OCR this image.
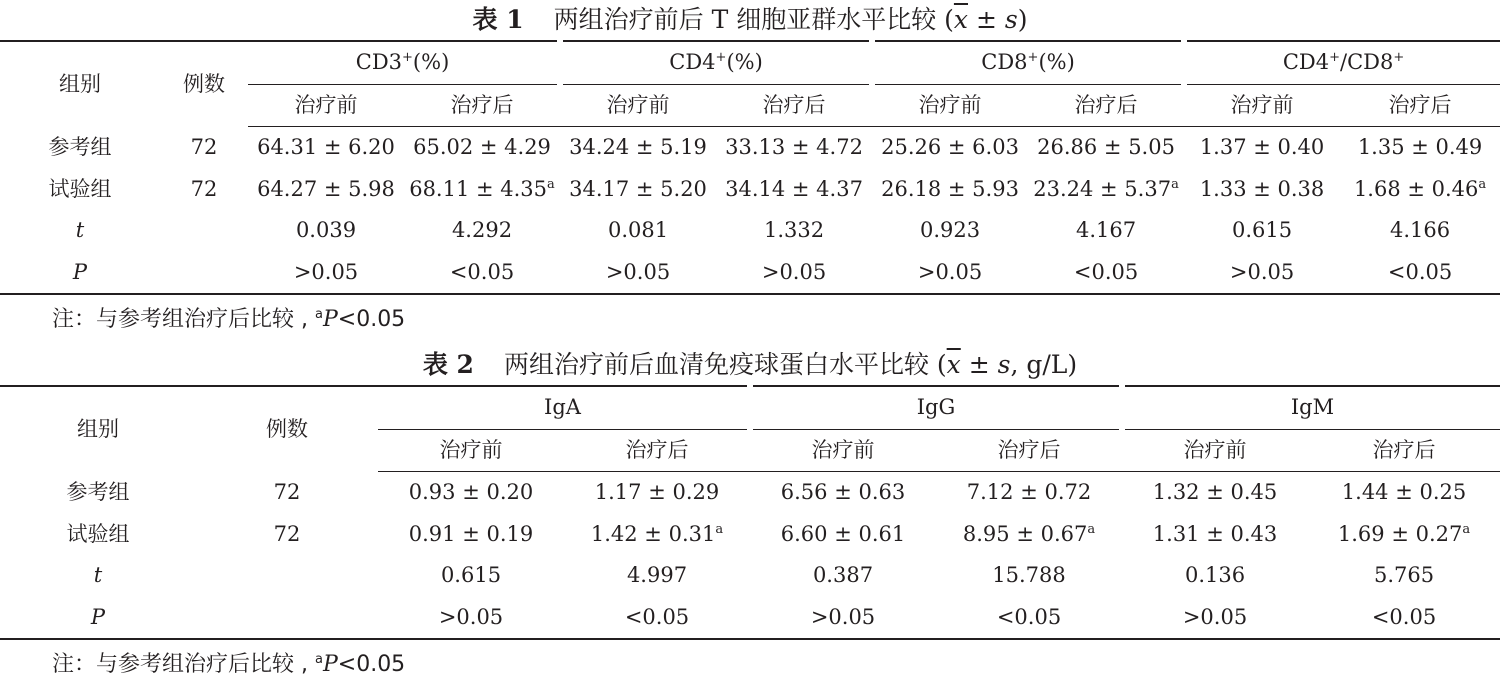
表 1 两组治疗前后 T 细胞亚群水平比较 $(\overline{x} \pm s)$
组别	例数	CD3+(%)		CD4+(%)		CD8+(%)		CD4+/CD8+
		治疗前	治疗后	治疗前	治疗后	治疗前	治疗后	治疗前	治疗后
参考组	72	64.31 ± 6.20	65.02 ± 4.29	34.24 ± 5.19	33.13 ± 4.72	25.26 ± 6.03	26.86 ± 5.05	1.37 ± 0.40	1.35 ± 0.49
试验组	72	64.27 ± 5.98	68.11 ± 4.35$^a$	34.17 ± 5.20	34.14 ± 4.37	26.18 ± 5.93	23.24 ± 5.37$^a$	1.33 ± 0.38	1.68 ± 0.46$^a$
t		0.039	4.292	0.081	1.332	0.923	4.167	0.615	4.166
P		>0.05	<0.05	>0.05	>0.05	>0.05	<0.05	>0.05	<0.05
注：与参考组治疗后比较 , $^a$P<0.05
表 2 两组治疗前后血清免疫球蛋白水平比较 ($\overline{x} \pm s$, g/L)
组别	例数	IgA		IgG		IgM	
		治疗前	治疗后	治疗前	治疗后	治疗前	治疗后
参考组	72	0.93 ± 0.20	1.17 ± 0.29	6.56 ± 0.63	7.12 ± 0.72	1.32 ± 0.45	1.44 ± 0.25
试验组	72	0.91 ± 0.19	1.42 ± 0.31$^a$	6.60 ± 0.61	8.95 ± 0.67$^a$	1.31 ± 0.43	1.69 ± 0.27$^a$
t		0.615	4.997	0.387	15.788	0.136	5.765
P		>0.05	<0.05	>0.05	<0.05	>0.05	<0.05
注：与参考组治疗后比较 , $^a$P<0.05
